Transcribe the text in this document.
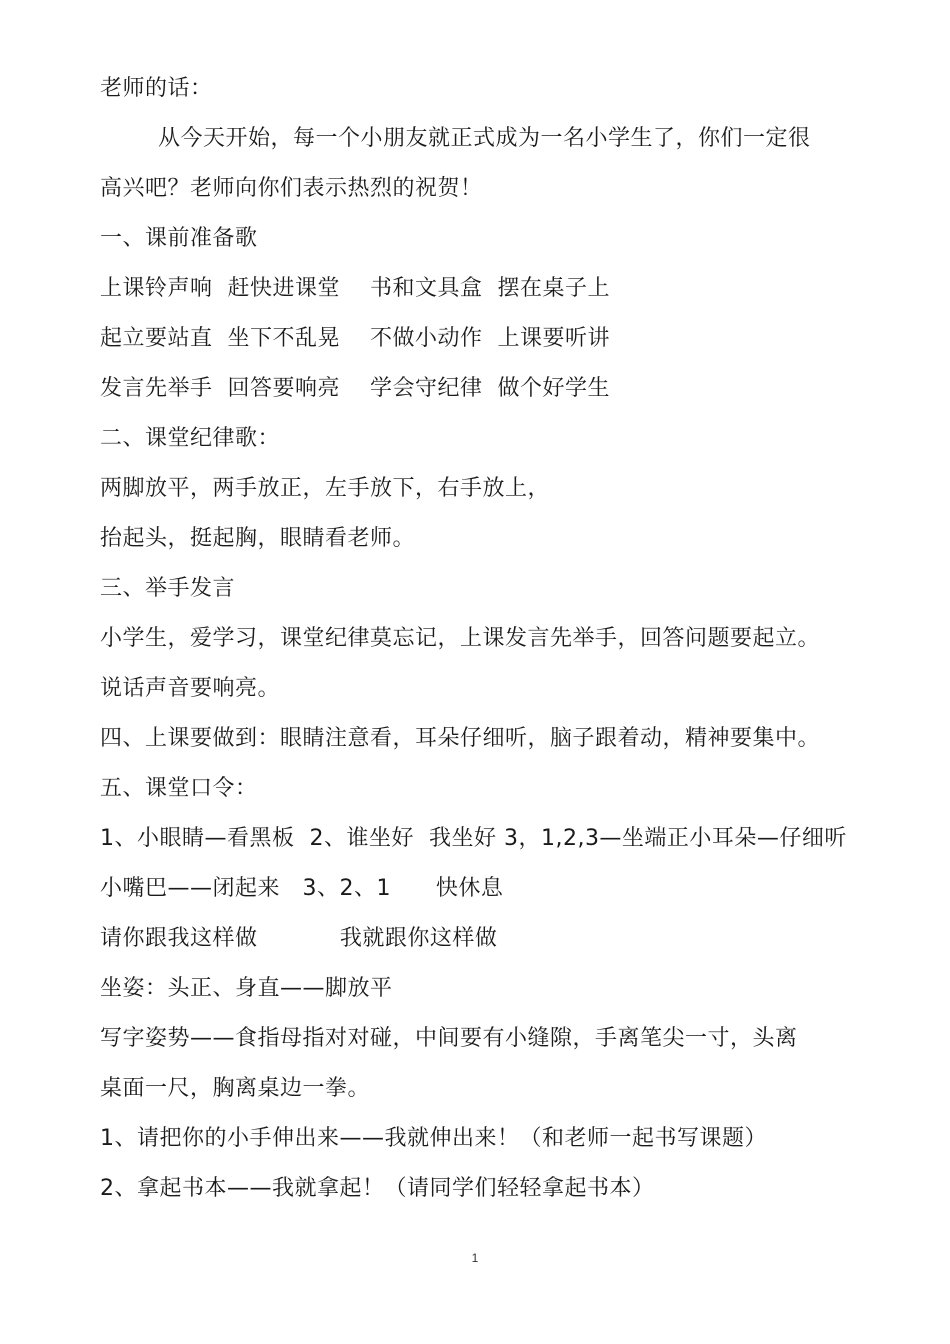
老师的话：
从今天开始，每一个小朋友就正式成为一名小学生了，你们一定很
高兴吧？老师向你们表示热烈的祝贺！
一、课前准备歌
上课铃声响  赶快进课堂    书和文具盒  摆在桌子上
起立要站直  坐下不乱晃    不做小动作  上课要听讲
发言先举手  回答要响亮    学会守纪律  做个好学生
二、课堂纪律歌：
两脚放平，两手放正，左手放下，右手放上，
抬起头，挺起胸，眼睛看老师。
三、举手发言
小学生，爱学习，课堂纪律莫忘记，上课发言先举手，回答问题要起立。
说话声音要响亮。
四、上课要做到：眼睛注意看，耳朵仔细听，脑子跟着动，精神要集中。
五、课堂口令：
1、小眼睛—看黑板  2、谁坐好  我坐好 3，1,2,3—坐端正小耳朵—仔细听
小嘴巴——闭起来   3、2、1      快休息
请你跟我这样做           我就跟你这样做
坐姿：头正、身直——脚放平
写字姿势——食指母指对对碰，中间要有小缝隙，手离笔尖一寸，头离
桌面一尺，胸离桌边一拳。
1、请把你的小手伸出来——我就伸出来！（和老师一起书写课题）
2、拿起书本——我就拿起！（请同学们轻轻拿起书本）
1
